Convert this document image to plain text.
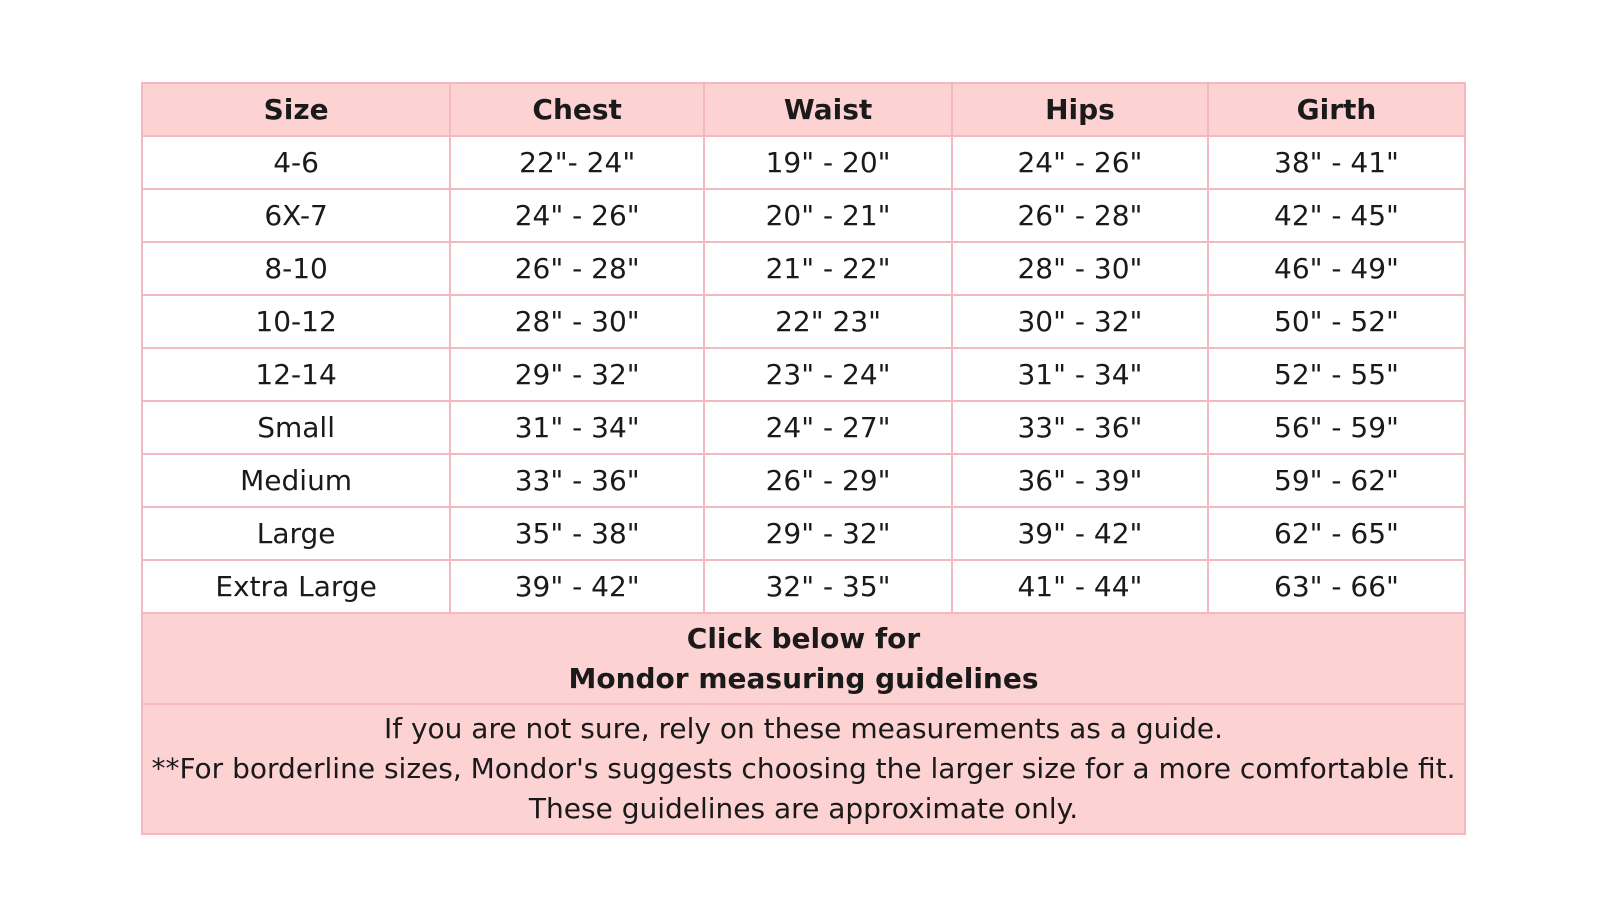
Size	Chest	Waist	Hips	Girth
4-6	22"- 24"	19" - 20"	24" - 26"	38" - 41"
6X-7	24" - 26"	20" - 21"	26" - 28"	42" - 45"
8-10	26" - 28"	21" - 22"	28" - 30"	46" - 49"
10-12	28" - 30"	22" 23"	30" - 32"	50" - 52"
12-14	29" - 32"	23" - 24"	31" - 34"	52" - 55"
Small	31" - 34"	24" - 27"	33" - 36"	56" - 59"
Medium	33" - 36"	26" - 29"	36" - 39"	59" - 62"
Large	35" - 38"	29" - 32"	39" - 42"	62" - 65"
Extra Large	39" - 42"	32" - 35"	41" - 44"	63" - 66"

Click below for
Mondor measuring guidelines				

If you are not sure, rely on these measurements as a guide.
**For borderline sizes, Mondor's suggests choosing the larger size for a more comfortable fit.
These guidelines are approximate only.				
